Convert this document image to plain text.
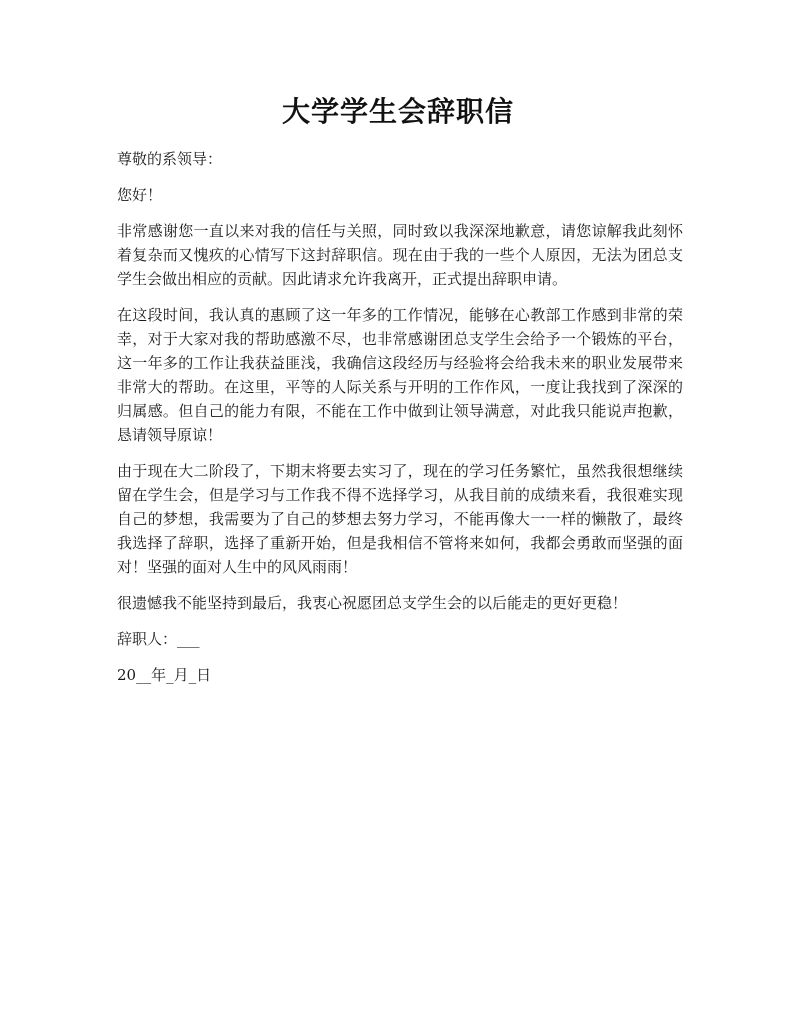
大学学生会辞职信

尊敬的系领导：

您好！

非常感谢您一直以来对我的信任与关照，同时致以我深深地歉意，请您谅解我此刻怀着复杂而又愧疚的心情写下这封辞职信。现在由于我的一些个人原因，无法为团总支学生会做出相应的贡献。因此请求允许我离开，正式提出辞职申请。

在这段时间，我认真的惠顾了这一年多的工作情况，能够在心教部工作感到非常的荣幸，对于大家对我的帮助感激不尽，也非常感谢团总支学生会给予一个锻炼的平台，这一年多的工作让我获益匪浅，我确信这段经历与经验将会给我未来的职业发展带来非常大的帮助。在这里，平等的人际关系与开明的工作作风，一度让我找到了深深的归属感。但自己的能力有限，不能在工作中做到让领导满意，对此我只能说声抱歉，恳请领导原谅！

由于现在大二阶段了，下期末将要去实习了，现在的学习任务繁忙，虽然我很想继续留在学生会，但是学习与工作我不得不选择学习，从我目前的成绩来看，我很难实现自己的梦想，我需要为了自己的梦想去努力学习，不能再像大一一样的懒散了，最终我选择了辞职，选择了重新开始，但是我相信不管将来如何，我都会勇敢而坚强的面对！坚强的面对人生中的风风雨雨！

很遗憾我不能坚持到最后，我衷心祝愿团总支学生会的以后能走的更好更稳！

辞职人：___

20__年_月_日
